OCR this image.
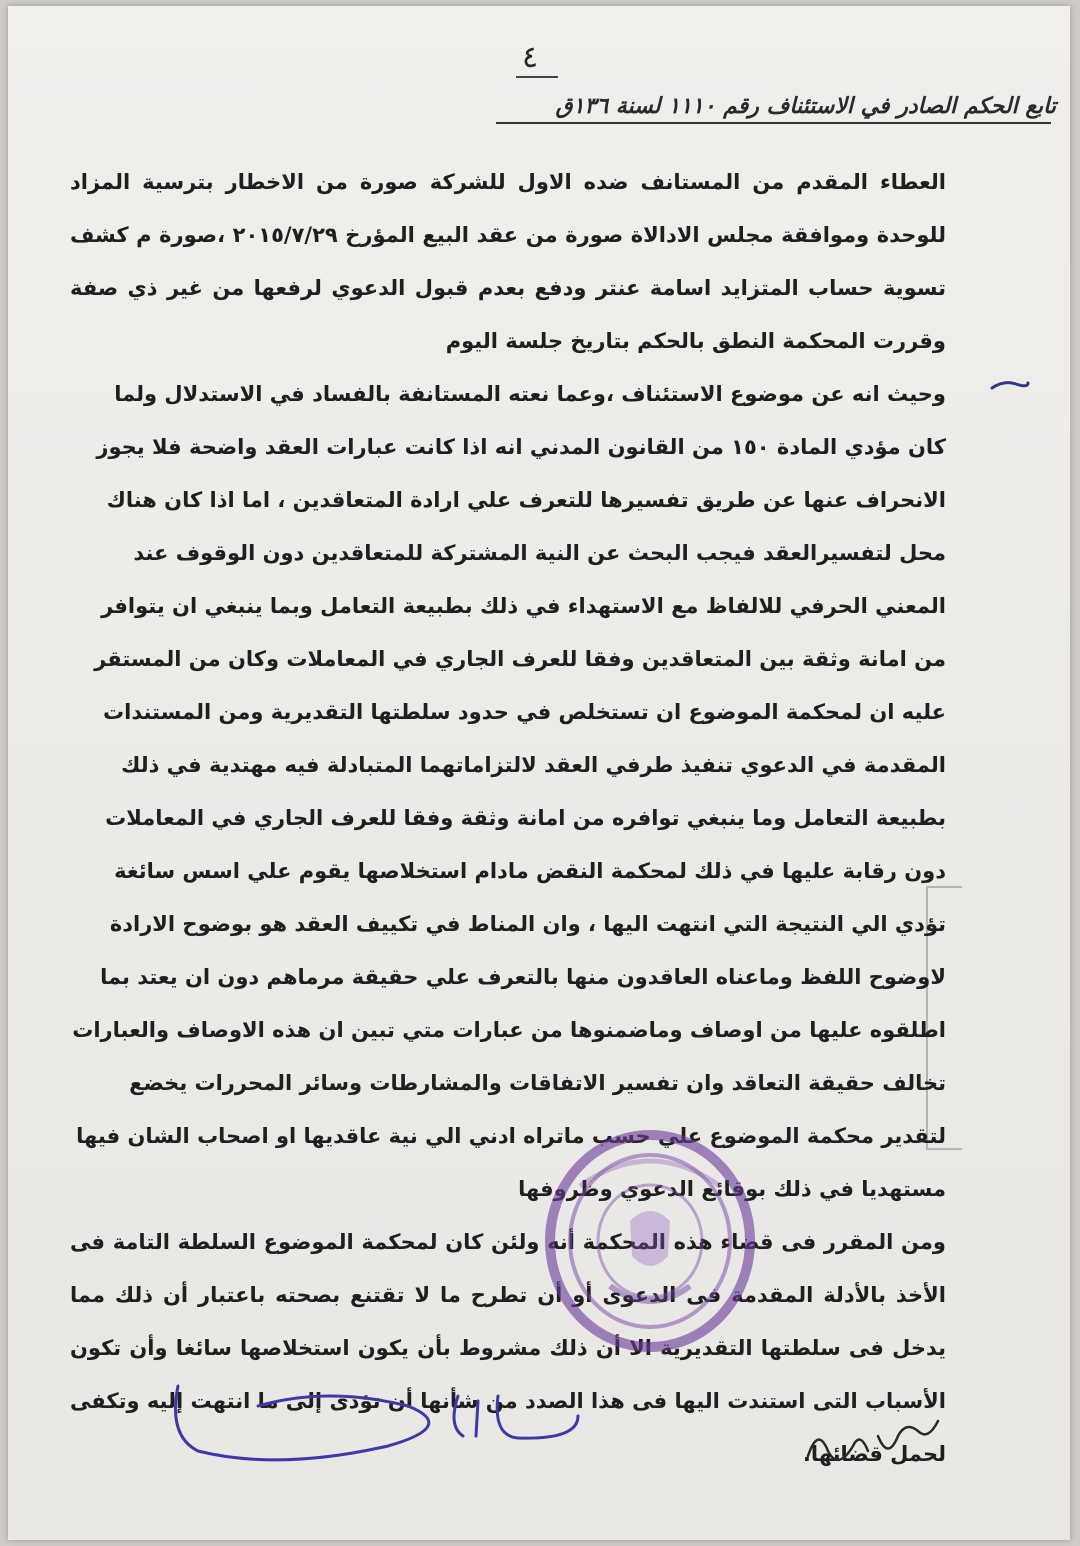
٤
تابع الحكم الصادر في الاستئناف رقم ١١١٠ لسنة ١٣٦ق

العطاء المقدم من المستانف ضده الاول للشركة صورة من الاخطار بترسية المزاد للوحدة وموافقة مجلس الادالاة صورة من عقد البيع المؤرخ ٢٠١٥/٧/٢٩ ،صورة م كشف تسوية حساب المتزايد اسامة عنتر ودفع بعدم قبول الدعوي لرفعها من غير ذي صفة وقررت المحكمة النطق بالحكم بتاريخ جلسة اليوم

وحيث انه عن موضوع الاستئناف ،وعما نعته المستانفة بالفساد في الاستدلال ولما كان مؤدي المادة ١٥٠ من القانون المدني انه اذا كانت عبارات العقد واضحة فلا يجوز الانحراف عنها عن طريق تفسيرها للتعرف علي ارادة المتعاقدين ، اما اذا كان هناك محل لتفسيرالعقد فيجب البحث عن النية المشتركة للمتعاقدين دون الوقوف عند المعني الحرفي للالفاظ مع الاستهداء في ذلك بطبيعة التعامل وبما ينبغي ان يتوافر من امانة وثقة بين المتعاقدين وفقا للعرف الجاري في المعاملات وكان من المستقر عليه ان لمحكمة الموضوع ان تستخلص في حدود سلطتها التقديرية ومن المستندات المقدمة في الدعوي تنفيذ طرفي العقد لالتزاماتهما المتبادلة فيه مهتدية في ذلك بطبيعة التعامل وما ينبغي توافره من امانة وثقة وفقا للعرف الجاري في المعاملات دون رقابة عليها في ذلك لمحكمة النقض مادام استخلاصها يقوم علي اسس سائغة تؤدي الي النتيجة التي انتهت اليها ، وان المناط في تكييف العقد هو بوضوح الارادة لاوضوح اللفظ وماعناه العاقدون منها بالتعرف علي حقيقة مرماهم دون ان يعتد بما اطلقوه عليها من اوصاف وماضمنوها من عبارات متي تبين ان هذه الاوصاف والعبارات تخالف حقيقة التعاقد وان تفسير الاتفاقات والمشارطات وسائر المحررات يخضع لتقدير محكمة الموضوع علي حسب ماتراه ادني الي نية عاقديها او اصحاب الشان فيها مستهديا في ذلك بوقائع الدعوي وظروفها

ومن المقرر فى قضاء هذه المحكمة أنه ولئن كان لمحكمة الموضوع السلطة التامة فى الأخذ بالأدلة المقدمة فى الدعوى أو أن تطرح ما لا تقتنع بصحته باعتبار أن ذلك مما يدخل فى سلطتها التقديرية الا أن ذلك مشروط بأن يكون استخلاصها سائغا وأن تكون الأسباب التى استندت اليها فى هذا الصدد من شأنها أن تؤدى إلى ما انتهت إليه وتكفى لحمل قضائها.
